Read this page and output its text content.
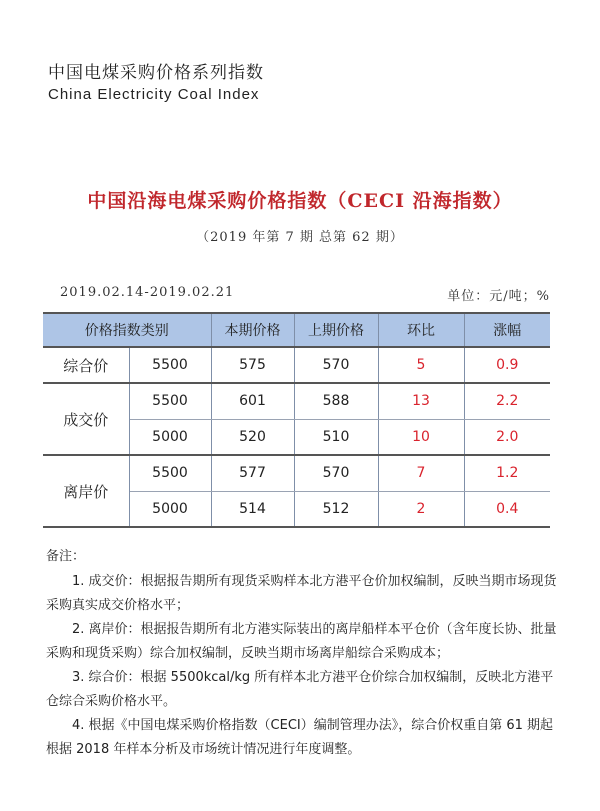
中国电煤采购价格系列指数
China Electricity Coal Index
中国沿海电煤采购价格指数（CECI 沿海指数）
（2019 年第 7 期 总第 62 期）
2019.02.14-2019.02.21	单位：元/吨；%
价格指数类别		本期价格	上期价格	环比	涨幅
综合价	5500	575	570	5	0.9
成交价	5500	601	588	13	2.2
	5000	520	510	10	2.0
离岸价	5500	577	570	7	1.2
	5000	514	512	2	0.4
备注：

1. 成交价：根据报告期所有现货采购样本北方港平仓价加权编制，反映当期市场现货采购真实成交价格水平；

2. 离岸价：根据报告期所有北方港实际装出的离岸船样本平仓价（含年度长协、批量采购和现货采购）综合加权编制，反映当期市场离岸船综合采购成本；

3. 综合价：根据 5500kcal/kg 所有样本北方港平仓价综合加权编制，反映北方港平仓综合采购价格水平。

4. 根据《中国电煤采购价格指数（CECI）编制管理办法》，综合价权重自第 61 期起根据 2018 年样本分析及市场统计情况进行年度调整。
